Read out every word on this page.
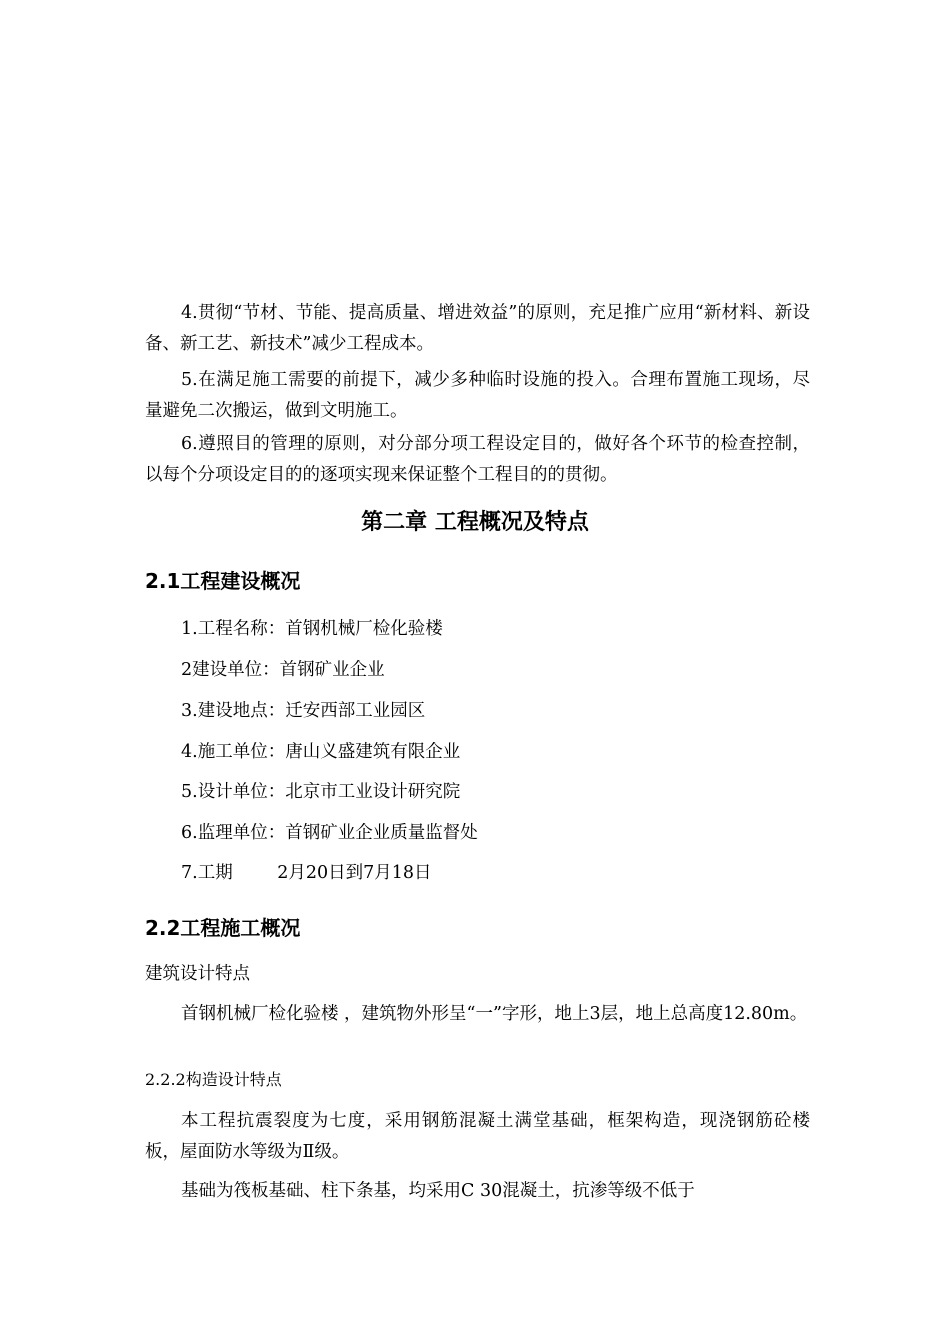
4.贯彻“节材、节能、提高质量、增进效益”的原则，充足推广应用“新材料、新设备、新工艺、新技术”减少工程成本。

5.在满足施工需要的前提下，减少多种临时设施的投入。合理布置施工现场，尽量避免二次搬运，做到文明施工。

6.遵照目的管理的原则，对分部分项工程设定目的，做好各个环节的检查控制，以每个分项设定目的的逐项实现来保证整个工程目的的贯彻。

第二章 工程概况及特点
2.1工程建设概况

1.工程名称：首钢机械厂检化验楼

2建设单位：首钢矿业企业

3.建设地点：迁安西部工业园区

4.施工单位：唐山义盛建筑有限企业

5.设计单位：北京市工业设计研究院

6.监理单位：首钢矿业企业质量监督处

7.工期        2月20日到7月18日

2.2工程施工概况

建筑设计特点

首钢机械厂检化验楼 ，建筑物外形呈“一”字形，地上3层，地上总高度12.80m。

2.2.2构造设计特点

本工程抗震裂度为七度，采用钢筋混凝土满堂基础，框架构造，现浇钢筋砼楼板，屋面防水等级为Ⅱ级。

基础为筏板基础、柱下条基，均采用C 30混凝土，抗渗等级不低于
